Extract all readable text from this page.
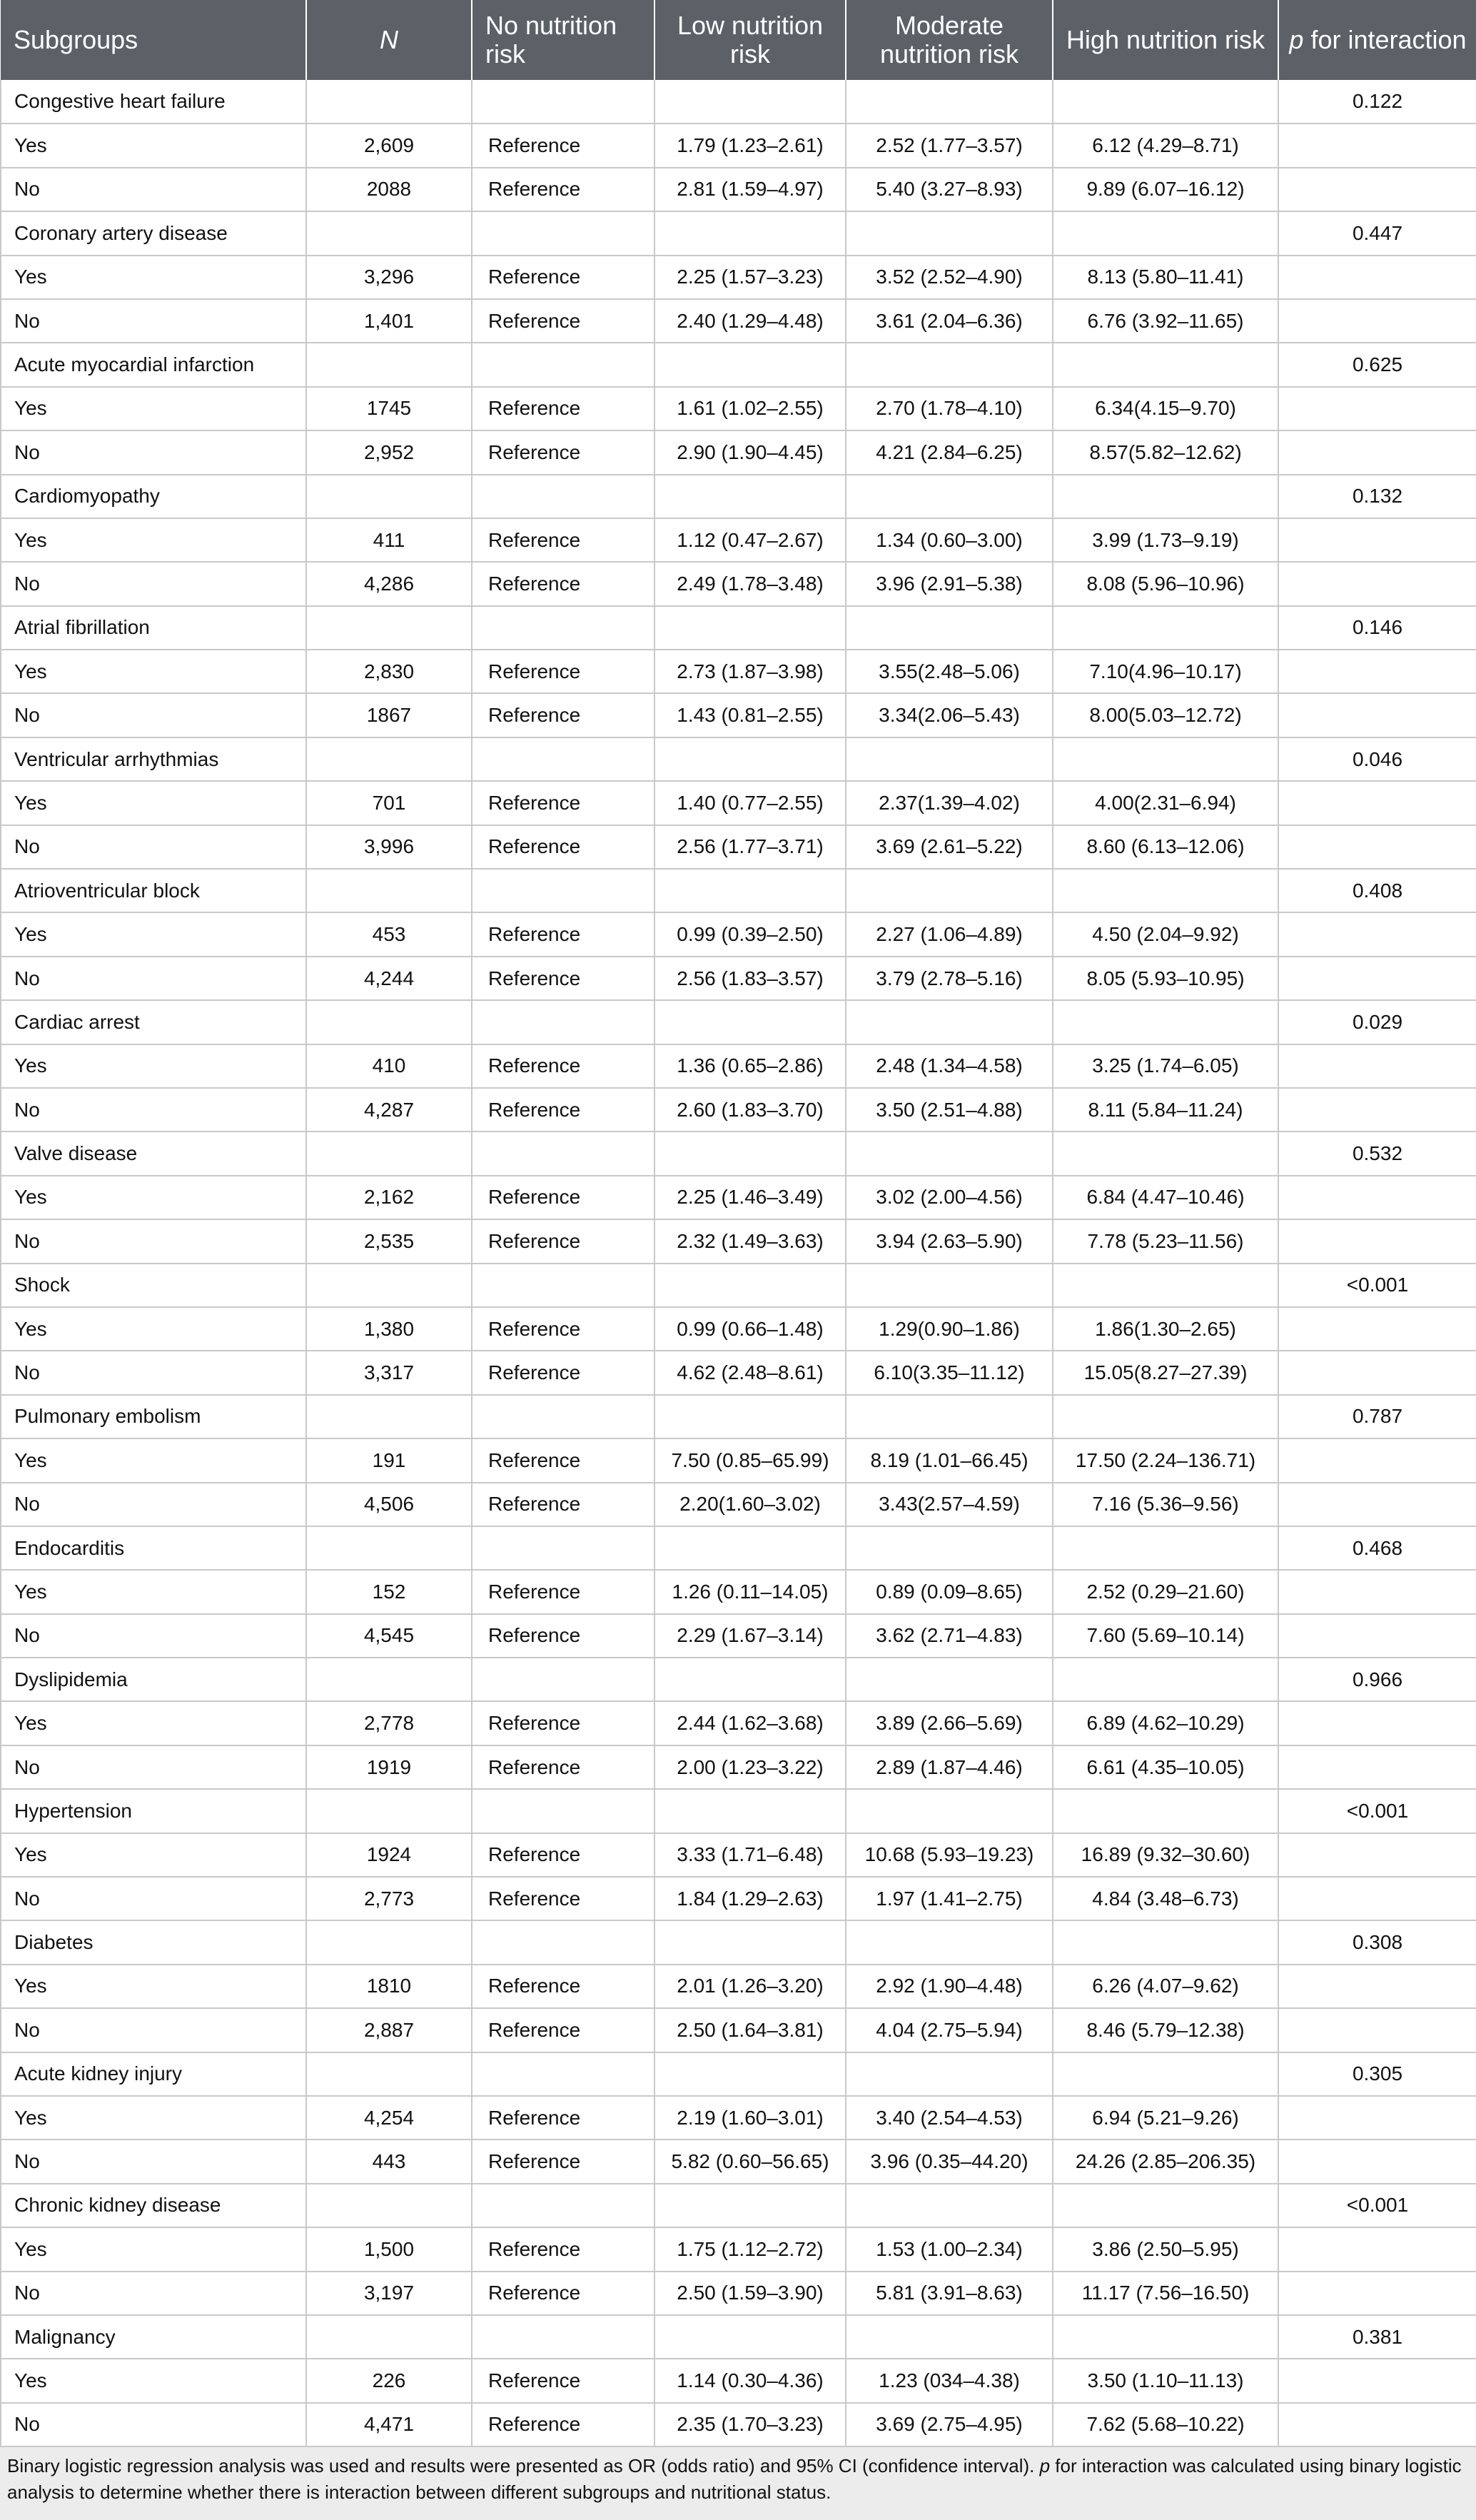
Subgroups	N	No nutrition risk	Low nutrition risk	Moderate nutrition risk	High nutrition risk	p for interaction
Congestive heart failure						0.122
Yes	2,609	Reference	1.79 (1.23–2.61)	2.52 (1.77–3.57)	6.12 (4.29–8.71)	
No	2088	Reference	2.81 (1.59–4.97)	5.40 (3.27–8.93)	9.89 (6.07–16.12)	
Coronary artery disease						0.447
Yes	3,296	Reference	2.25 (1.57–3.23)	3.52 (2.52–4.90)	8.13 (5.80–11.41)	
No	1,401	Reference	2.40 (1.29–4.48)	3.61 (2.04–6.36)	6.76 (3.92–11.65)	
Acute myocardial infarction						0.625
Yes	1745	Reference	1.61 (1.02–2.55)	2.70 (1.78–4.10)	6.34(4.15–9.70)	
No	2,952	Reference	2.90 (1.90–4.45)	4.21 (2.84–6.25)	8.57(5.82–12.62)	
Cardiomyopathy						0.132
Yes	411	Reference	1.12 (0.47–2.67)	1.34 (0.60–3.00)	3.99 (1.73–9.19)	
No	4,286	Reference	2.49 (1.78–3.48)	3.96 (2.91–5.38)	8.08 (5.96–10.96)	
Atrial fibrillation						0.146
Yes	2,830	Reference	2.73 (1.87–3.98)	3.55(2.48–5.06)	7.10(4.96–10.17)	
No	1867	Reference	1.43 (0.81–2.55)	3.34(2.06–5.43)	8.00(5.03–12.72)	
Ventricular arrhythmias						0.046
Yes	701	Reference	1.40 (0.77–2.55)	2.37(1.39–4.02)	4.00(2.31–6.94)	
No	3,996	Reference	2.56 (1.77–3.71)	3.69 (2.61–5.22)	8.60 (6.13–12.06)	
Atrioventricular block						0.408
Yes	453	Reference	0.99 (0.39–2.50)	2.27 (1.06–4.89)	4.50 (2.04–9.92)	
No	4,244	Reference	2.56 (1.83–3.57)	3.79 (2.78–5.16)	8.05 (5.93–10.95)	
Cardiac arrest						0.029
Yes	410	Reference	1.36 (0.65–2.86)	2.48 (1.34–4.58)	3.25 (1.74–6.05)	
No	4,287	Reference	2.60 (1.83–3.70)	3.50 (2.51–4.88)	8.11 (5.84–11.24)	
Valve disease						0.532
Yes	2,162	Reference	2.25 (1.46–3.49)	3.02 (2.00–4.56)	6.84 (4.47–10.46)	
No	2,535	Reference	2.32 (1.49–3.63)	3.94 (2.63–5.90)	7.78 (5.23–11.56)	
Shock						<0.001
Yes	1,380	Reference	0.99 (0.66–1.48)	1.29(0.90–1.86)	1.86(1.30–2.65)	
No	3,317	Reference	4.62 (2.48–8.61)	6.10(3.35–11.12)	15.05(8.27–27.39)	
Pulmonary embolism						0.787
Yes	191	Reference	7.50 (0.85–65.99)	8.19 (1.01–66.45)	17.50 (2.24–136.71)	
No	4,506	Reference	2.20(1.60–3.02)	3.43(2.57–4.59)	7.16 (5.36–9.56)	
Endocarditis						0.468
Yes	152	Reference	1.26 (0.11–14.05)	0.89 (0.09–8.65)	2.52 (0.29–21.60)	
No	4,545	Reference	2.29 (1.67–3.14)	3.62 (2.71–4.83)	7.60 (5.69–10.14)	
Dyslipidemia						0.966
Yes	2,778	Reference	2.44 (1.62–3.68)	3.89 (2.66–5.69)	6.89 (4.62–10.29)	
No	1919	Reference	2.00 (1.23–3.22)	2.89 (1.87–4.46)	6.61 (4.35–10.05)	
Hypertension						<0.001
Yes	1924	Reference	3.33 (1.71–6.48)	10.68 (5.93–19.23)	16.89 (9.32–30.60)	
No	2,773	Reference	1.84 (1.29–2.63)	1.97 (1.41–2.75)	4.84 (3.48–6.73)	
Diabetes						0.308
Yes	1810	Reference	2.01 (1.26–3.20)	2.92 (1.90–4.48)	6.26 (4.07–9.62)	
No	2,887	Reference	2.50 (1.64–3.81)	4.04 (2.75–5.94)	8.46 (5.79–12.38)	
Acute kidney injury						0.305
Yes	4,254	Reference	2.19 (1.60–3.01)	3.40 (2.54–4.53)	6.94 (5.21–9.26)	
No	443	Reference	5.82 (0.60–56.65)	3.96 (0.35–44.20)	24.26 (2.85–206.35)	
Chronic kidney disease						<0.001
Yes	1,500	Reference	1.75 (1.12–2.72)	1.53 (1.00–2.34)	3.86 (2.50–5.95)	
No	3,197	Reference	2.50 (1.59–3.90)	5.81 (3.91–8.63)	11.17 (7.56–16.50)	
Malignancy						0.381
Yes	226	Reference	1.14 (0.30–4.36)	1.23 (034–4.38)	3.50 (1.10–11.13)	
No	4,471	Reference	2.35 (1.70–3.23)	3.69 (2.75–4.95)	7.62 (5.68–10.22)	
Binary logistic regression analysis was used and results were presented as OR (odds ratio) and 95% CI (confidence interval). p for interaction was calculated using binary logistic analysis to determine whether there is interaction between different subgroups and nutritional status.
